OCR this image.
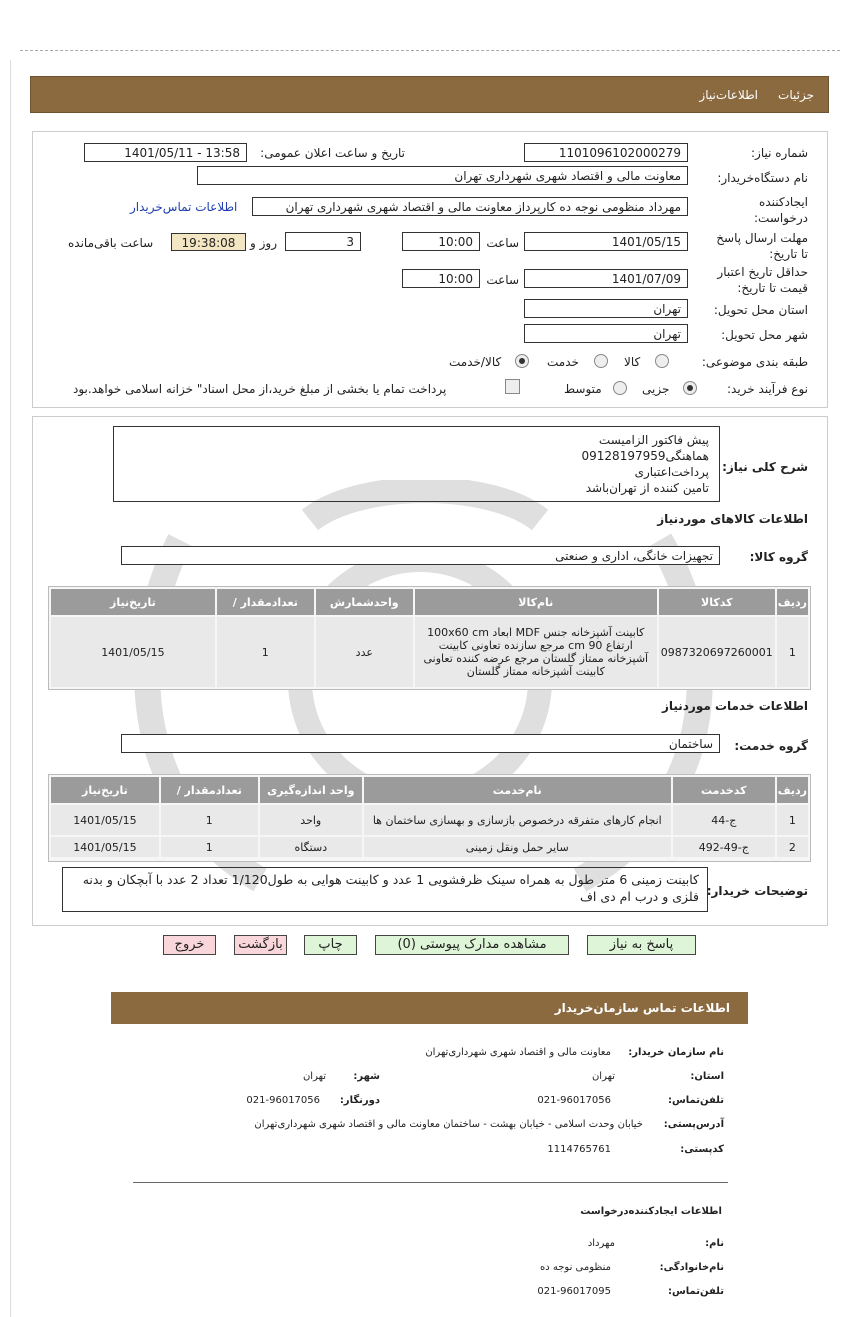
جزئیات
اطلاعات‌نیاز
شماره نیاز:
1101096102000279
تاریخ و ساعت اعلان عمومی:
1401/05/11 - 13:58
نام دستگاه‌خریدار:
معاونت مالی و اقتصاد شهری شهرداری تهران
ایجادکننده درخواست:
مهرداد منظومی نوجه ده کارپرداز معاونت مالی و اقتصاد شهری شهرداری تهران
اطلاعات تماس‌خریدار
مهلت ارسال پاسخ تا تاریخ:
1401/05/15
ساعت
10:00
3
روز و
19:38:08
ساعت باقی‌مانده
حداقل تاریخ اعتبار قیمت تا تاریخ:
1401/07/09
ساعت
10:00
استان محل تحویل:
تهران
شهر محل تحویل:
تهران
طبقه بندی موضوعی:
کالا
خدمت
کالا/خدمت
نوع فرآیند خرید:
جزیی
متوسط
پرداخت تمام یا بخشی از مبلغ خرید،از محل اسناد" خزانه اسلامی خواهد.بود
شرح کلی نیاز:
پیش فاکتور الزامیست
هماهنگی09128197959
پرداخت‌اعتباری
تامین کننده از تهران‌باشد
اطلاعات کالاهای مورد‌نیاز
گروه کالا:
تجهیزات خانگی، اداری و صنعتی
ردیف	کدکالا	نام‌کالا	واحدشمارش	تعدادمقدار /	تاریخ‌نیاز
1	0987320697260001	کابینت آشپزخانه جنس MDF ابعاد 100x60 cm ارتفاع 90 cm مرجع سازنده تعاونی کابینت آشپزخانه ممتاز گلستان مرجع عرضه کننده تعاونی کابینت آشپزخانه ممتاز گلستان	عدد	1	1401/05/15
اطلاعات خدمات مورد‌نیاز
گروه خدمت:
ساختمان
ردیف	کدخدمت	نام‌خدمت	واحد اندازه‌گیری	تعدادمقدار /	تاریخ‌نیاز
1	ج-44	انجام کارهای متفرقه درخصوص بازسازی و بهسازی ساختمان ها	واحد	1	1401/05/15
2	ج-49-492	سایر حمل ونقل زمینی	دستگاه	1	1401/05/15
توضیحات خریدار:
کابینت زمینی 6 متر طول به همراه سینک ظرفشویی 1 عدد و کابینت هوایی به طول1/120 تعداد 2 عدد با آبچکان و بدنه فلزی و درب ام دی اف
پاسخ به نیاز
مشاهده مدارک پیوستی (0)
چاپ
بازگشت
خروج
اطلاعات تماس سازمان‌خریدار
نام سازمان خریدار:
معاونت مالی و اقتصاد شهری شهرداری‌تهران
استان:
تهران
شهر:
تهران
تلفن‌تماس:
021-96017056
دورنگار:
021-96017056
آدرس‌پستی:
خیابان وحدت اسلامی - خیابان بهشت - ساختمان معاونت مالی و اقتصاد شهری شهرداری‌تهران
کد‌پستی:
1114765761
اطلاعات ایجاد‌کننده‌درخواست
نام:
مهرداد
نام‌خانوادگی:
منظومی نوجه ده
تلفن‌تماس:
021-96017095
